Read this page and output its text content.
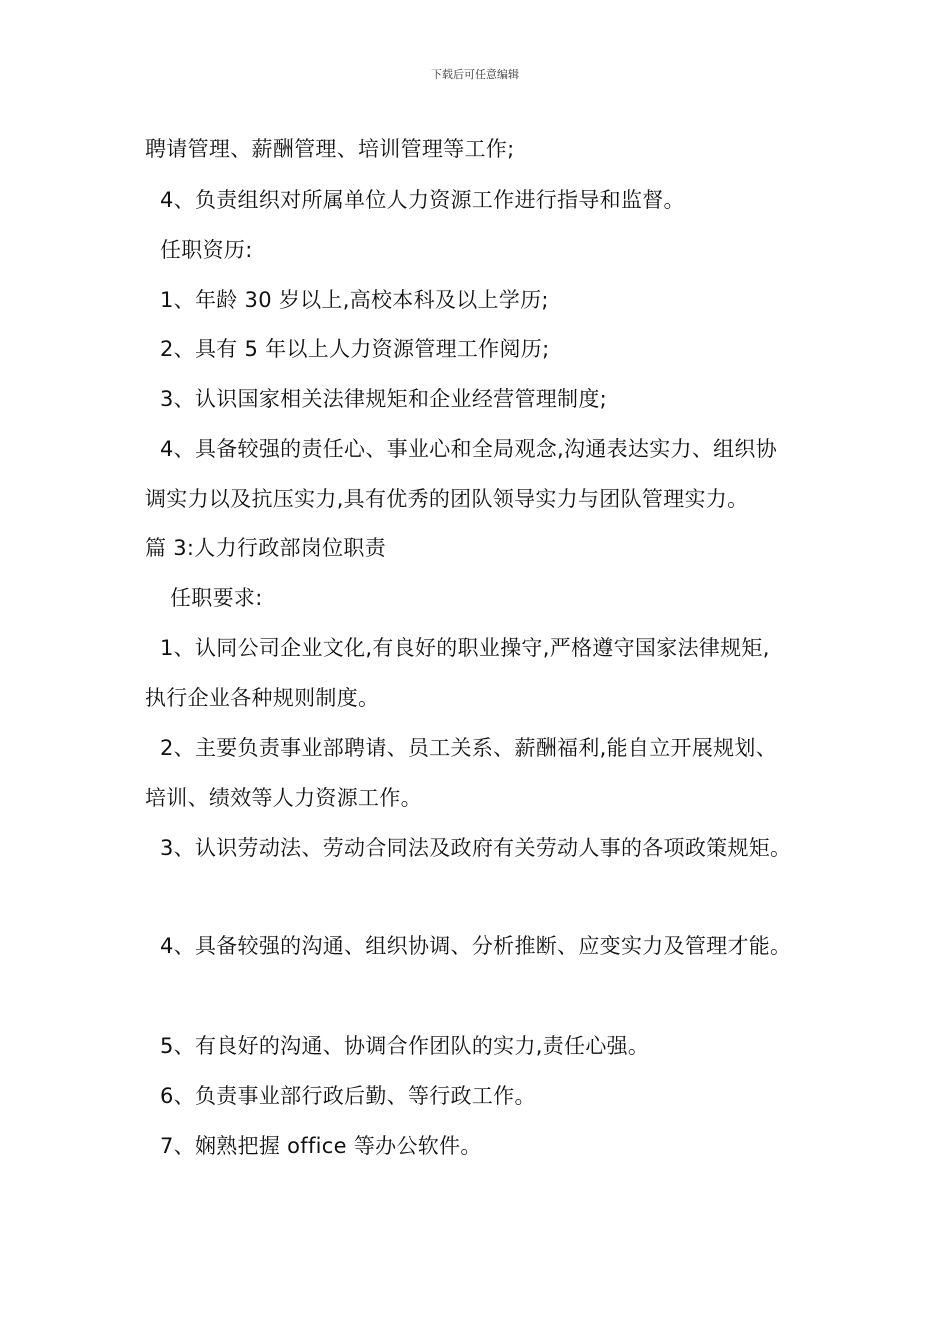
下载后可任意编辑
聘请管理、薪酬管理、培训管理等工作;
4、负责组织对所属单位人力资源工作进行指导和监督。
任职资历:
1、年龄 30 岁以上,高校本科及以上学历;
2、具有 5 年以上人力资源管理工作阅历;
3、认识国家相关法律规矩和企业经营管理制度;
4、具备较强的责任心、事业心和全局观念,沟通表达实力、组织协
调实力以及抗压实力,具有优秀的团队领导实力与团队管理实力。
篇 3:人力行政部岗位职责
任职要求:
1、认同公司企业文化,有良好的职业操守,严格遵守国家法律规矩,
执行企业各种规则制度。
2、主要负责事业部聘请、员工关系、薪酬福利,能自立开展规划、
培训、绩效等人力资源工作。
3、认识劳动法、劳动合同法及政府有关劳动人事的各项政策规矩。
4、具备较强的沟通、组织协调、分析推断、应变实力及管理才能。
5、有良好的沟通、协调合作团队的实力,责任心强。
6、负责事业部行政后勤、等行政工作。
7、娴熟把握 office 等办公软件。
